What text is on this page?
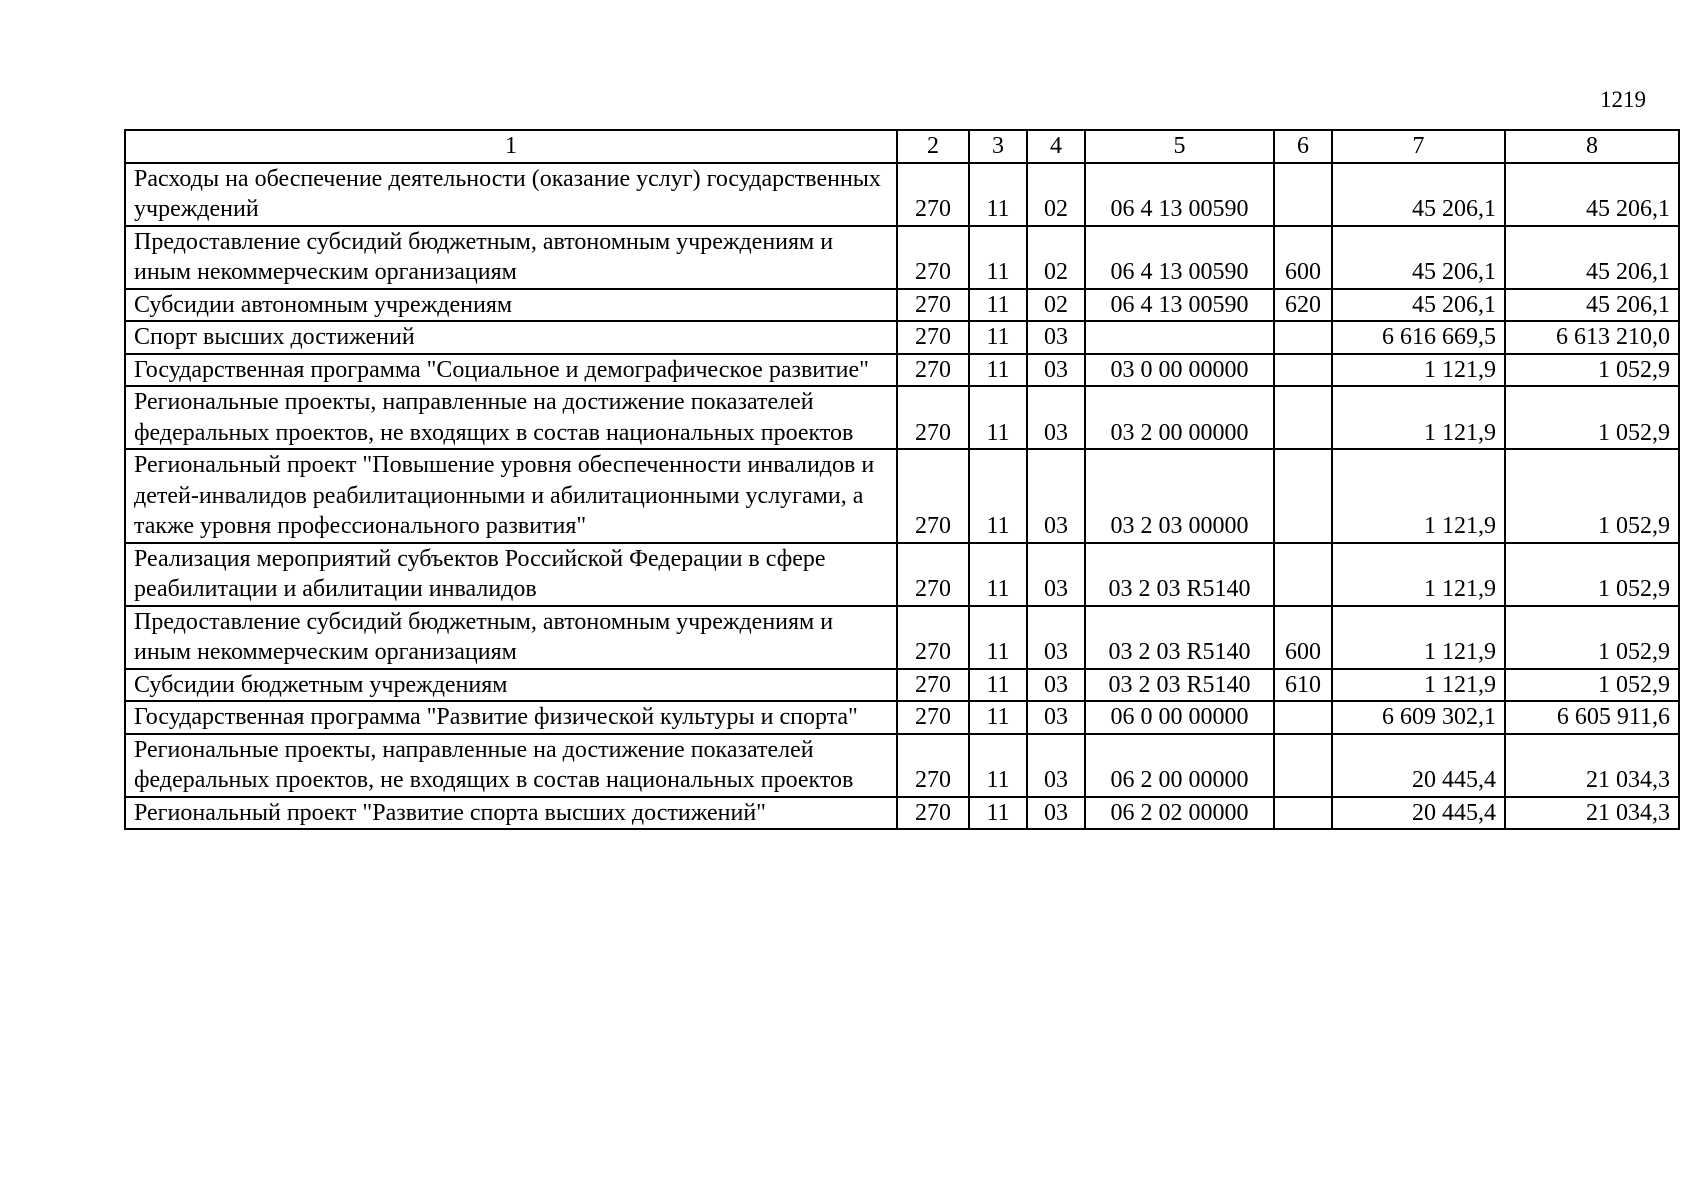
1219
1	2	3	4	5	6	7	8
Расходы на обеспечение деятельности (оказание услуг) государственных учреждений	270	11	02	06 4 13 00590		45 206,1	45 206,1
Предоставление субсидий бюджетным, автономным учреждениям и иным некоммерческим организациям	270	11	02	06 4 13 00590	600	45 206,1	45 206,1
Субсидии автономным учреждениям	270	11	02	06 4 13 00590	620	45 206,1	45 206,1
Спорт высших достижений	270	11	03			6 616 669,5	6 613 210,0
Государственная программа "Социальное и демографическое развитие"	270	11	03	03 0 00 00000		1 121,9	1 052,9
Региональные проекты, направленные на достижение показателей федеральных проектов, не входящих в состав национальных проектов	270	11	03	03 2 00 00000		1 121,9	1 052,9
Региональный проект "Повышение уровня обеспеченности инвалидов и детей-инвалидов реабилитационными и абилитационными услугами, а также уровня профессионального развития"	270	11	03	03 2 03 00000		1 121,9	1 052,9
Реализация мероприятий субъектов Российской Федерации в сфере реабилитации и абилитации инвалидов	270	11	03	03 2 03 R5140		1 121,9	1 052,9
Предоставление субсидий бюджетным, автономным учреждениям и иным некоммерческим организациям	270	11	03	03 2 03 R5140	600	1 121,9	1 052,9
Субсидии бюджетным учреждениям	270	11	03	03 2 03 R5140	610	1 121,9	1 052,9
Государственная программа "Развитие физической культуры и спорта"	270	11	03	06 0 00 00000		6 609 302,1	6 605 911,6
Региональные проекты, направленные на достижение показателей федеральных проектов, не входящих в состав национальных проектов	270	11	03	06 2 00 00000		20 445,4	21 034,3
Региональный проект "Развитие спорта высших достижений"	270	11	03	06 2 02 00000		20 445,4	21 034,3
